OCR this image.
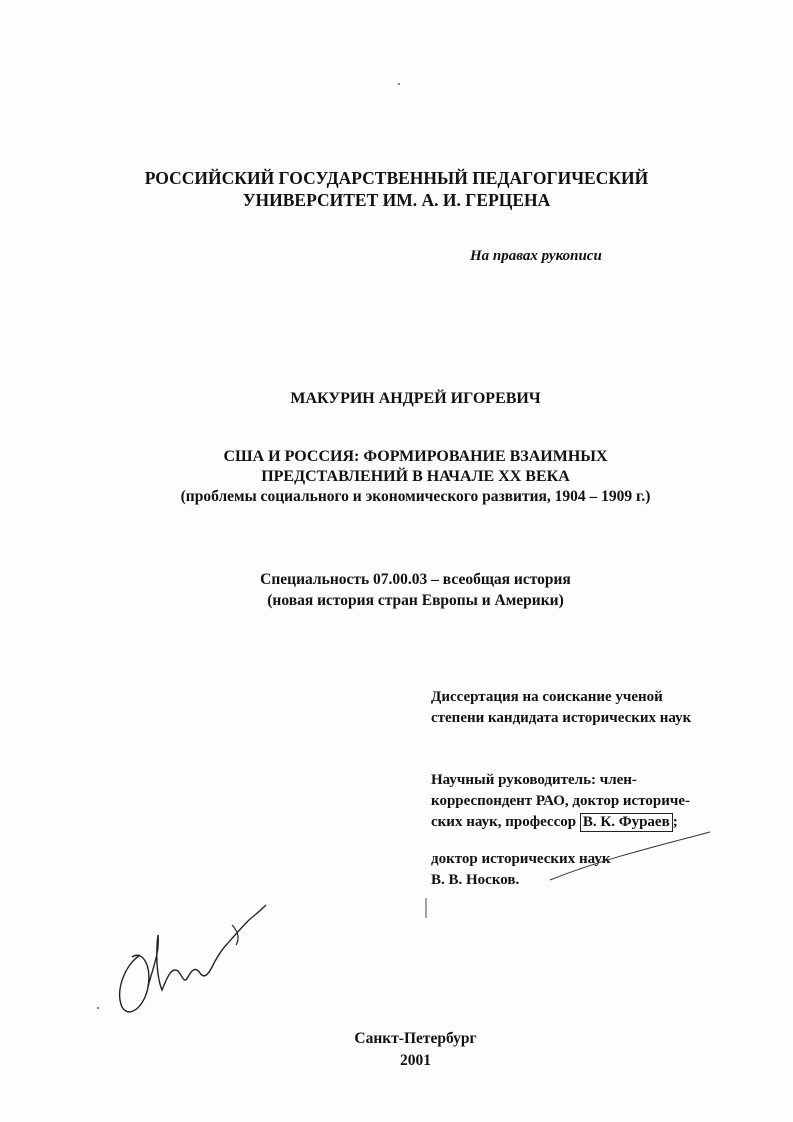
РОССИЙСКИЙ ГОСУДАРСТВЕННЫЙ ПЕДАГОГИЧЕСКИЙ
УНИВЕРСИТЕТ ИМ. А. И. ГЕРЦЕНА
На правах рукописи
МАКУРИН АНДРЕЙ ИГОРЕВИЧ
США И РОССИЯ: ФОРМИРОВАНИЕ ВЗАИМНЫХ
ПРЕДСТАВЛЕНИЙ В НАЧАЛЕ XX ВЕКА
(проблемы социального и экономического развития, 1904 – 1909 г.)
Специальность 07.00.03 – всеобщая история
(новая история стран Европы и Америки)
Диссертация на соискание ученой
степени кандидата исторических наук
Научный руководитель: член-
корреспондент РАО, доктор историче-
ских наук, профессор В. К. Фураев ;
доктор исторических наук
В. В. Носков.
Санкт-Петербург
2001
